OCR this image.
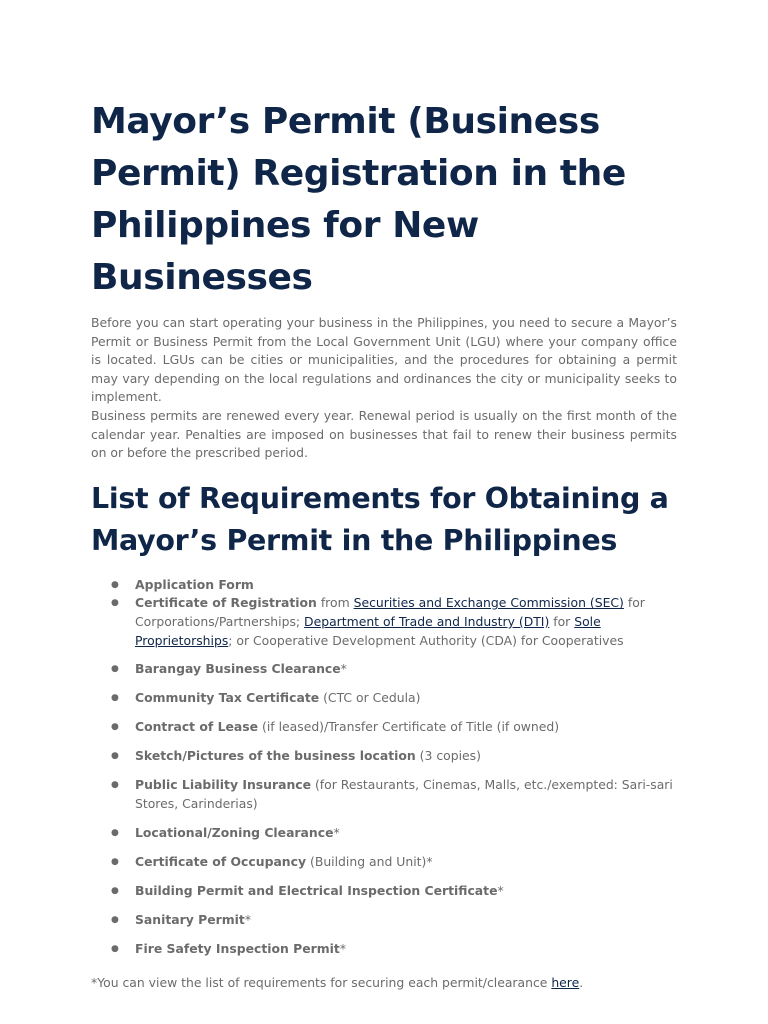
Mayor’s Permit (Business Permit) Registration in the Philippines for New Businesses

Before you can start operating your business in the Philippines, you need to secure a Mayor’s Permit or Business Permit from the Local Government Unit (LGU) where your company office is located. LGUs can be cities or municipalities, and the procedures for obtaining a permit may vary depending on the local regulations and ordinances the city or municipality seeks to implement.

Business permits are renewed every year. Renewal period is usually on the first month of the calendar year. Penalties are imposed on businesses that fail to renew their business permits on or before the prescribed period.

List of Requirements for Obtaining a Mayor’s Permit in the Philippines
● Application Form
● Certificate of Registration from Securities and Exchange Commission (SEC) for Corporations/Partnerships; Department of Trade and Industry (DTI) for Sole Proprietorships; or Cooperative Development Authority (CDA) for Cooperatives
● Barangay Business Clearance*
● Community Tax Certificate (CTC or Cedula)
● Contract of Lease (if leased)/Transfer Certificate of Title (if owned)
● Sketch/Pictures of the business location (3 copies)
● Public Liability Insurance (for Restaurants, Cinemas, Malls, etc./exempted: Sari-sari Stores, Carinderias)
● Locational/Zoning Clearance*
● Certificate of Occupancy (Building and Unit)*
● Building Permit and Electrical Inspection Certificate*
● Sanitary Permit*
● Fire Safety Inspection Permit*

*You can view the list of requirements for securing each permit/clearance here.
